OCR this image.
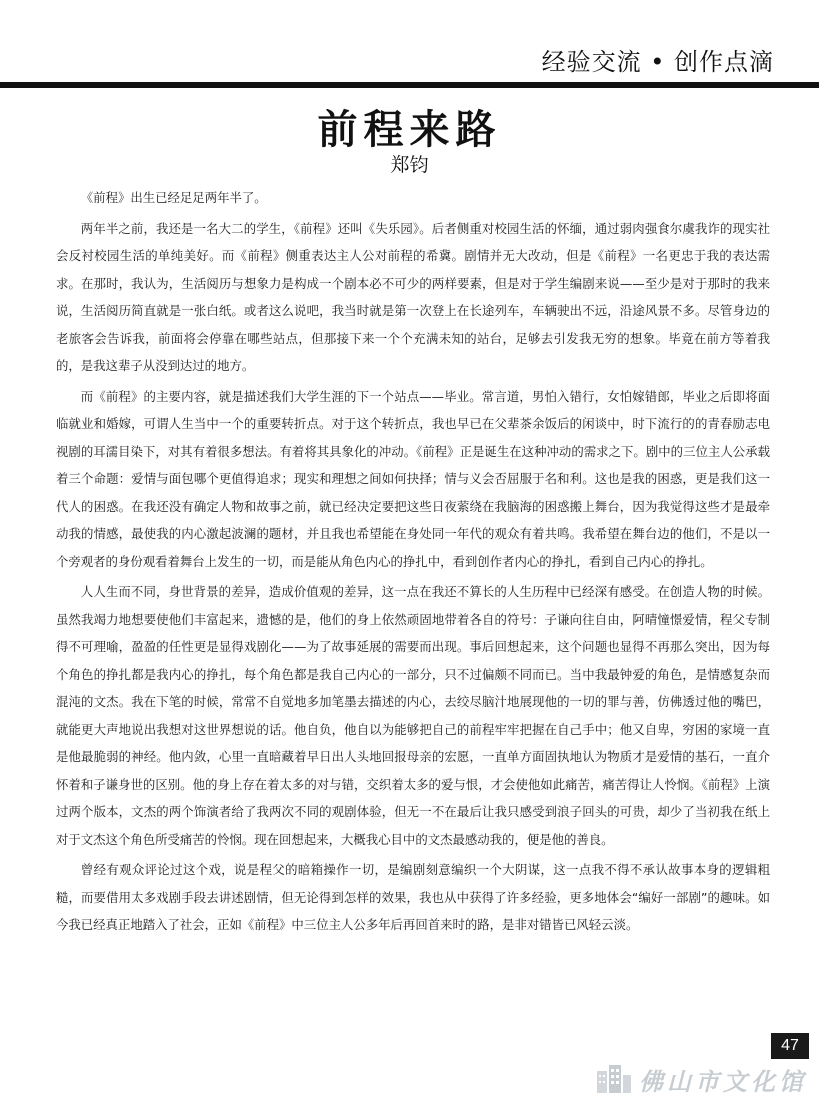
经验交流 • 创作点滴
前程来路
郑钧

《前程》出生已经足足两年半了。

两年半之前，我还是一名大二的学生，《前程》还叫《失乐园》。后者侧重对校园生活的怀缅，通过弱肉强食尔虞我诈的现实社会反衬校园生活的单纯美好。而《前程》侧重表达主人公对前程的希冀。剧情并无大改动，但是《前程》一名更忠于我的表达需求。在那时，我认为，生活阅历与想象力是构成一个剧本必不可少的两样要素，但是对于学生编剧来说——至少是对于那时的我来说，生活阅历简直就是一张白纸。或者这么说吧，我当时就是第一次登上在长途列车，车辆驶出不远，沿途风景不多。尽管身边的老旅客会告诉我，前面将会停靠在哪些站点，但那接下来一个个充满未知的站台，足够去引发我无穷的想象。毕竟在前方等着我的，是我这辈子从没到达过的地方。

而《前程》的主要内容，就是描述我们大学生涯的下一个站点——毕业。常言道，男怕入错行，女怕嫁错郎，毕业之后即将面临就业和婚嫁，可谓人生当中一个的重要转折点。对于这个转折点，我也早已在父辈茶余饭后的闲谈中，时下流行的的青春励志电视剧的耳濡目染下，对其有着很多想法。有着将其具象化的冲动。《前程》正是诞生在这种冲动的需求之下。剧中的三位主人公承载着三个命题：爱情与面包哪个更值得追求；现实和理想之间如何抉择；情与义会否屈服于名和利。这也是我的困惑，更是我们这一代人的困惑。在我还没有确定人物和故事之前，就已经决定要把这些日夜萦绕在我脑海的困惑搬上舞台，因为我觉得这些才是最牵动我的情感，最使我的内心激起波澜的题材，并且我也希望能在身处同一年代的观众有着共鸣。我希望在舞台边的他们，不是以一个旁观者的身份观看着舞台上发生的一切，而是能从角色内心的挣扎中，看到创作者内心的挣扎，看到自己内心的挣扎。

人人生而不同，身世背景的差异，造成价值观的差异，这一点在我还不算长的人生历程中已经深有感受。在创造人物的时候。虽然我竭力地想要使他们丰富起来，遗憾的是，他们的身上依然顽固地带着各自的符号：子谦向往自由，阿晴憧憬爱情，程父专制得不可理喻，盈盈的任性更是显得戏剧化——为了故事延展的需要而出现。事后回想起来，这个问题也显得不再那么突出，因为每个角色的挣扎都是我内心的挣扎，每个角色都是我自己内心的一部分，只不过偏颇不同而已。当中我最钟爱的角色，是情感复杂而混沌的文杰。我在下笔的时候，常常不自觉地多加笔墨去描述的内心，去绞尽脑汁地展现他的一切的罪与善，仿佛透过他的嘴巴，就能更大声地说出我想对这世界想说的话。他自负，他自以为能够把自己的前程牢牢把握在自己手中；他又自卑，穷困的家境一直是他最脆弱的神经。他内敛，心里一直暗藏着早日出人头地回报母亲的宏愿，一直单方面固执地认为物质才是爱情的基石，一直介怀着和子谦身世的区别。他的身上存在着太多的对与错，交织着太多的爱与恨，才会使他如此痛苦，痛苦得让人怜悯。《前程》上演过两个版本，文杰的两个饰演者给了我两次不同的观剧体验，但无一不在最后让我只感受到浪子回头的可贵，却少了当初我在纸上对于文杰这个角色所受痛苦的怜悯。现在回想起来，大概我心目中的文杰最感动我的，便是他的善良。

曾经有观众评论过这个戏，说是程父的暗箱操作一切，是编剧刻意编织一个大阴谋，这一点我不得不承认故事本身的逻辑粗糙，而要借用太多戏剧手段去讲述剧情，但无论得到怎样的效果，我也从中获得了许多经验，更多地体会“编好一部剧”的趣味。如今我已经真正地踏入了社会，正如《前程》中三位主人公多年后再回首来时的路，是非对错皆已风轻云淡。

47
佛山市文化馆
